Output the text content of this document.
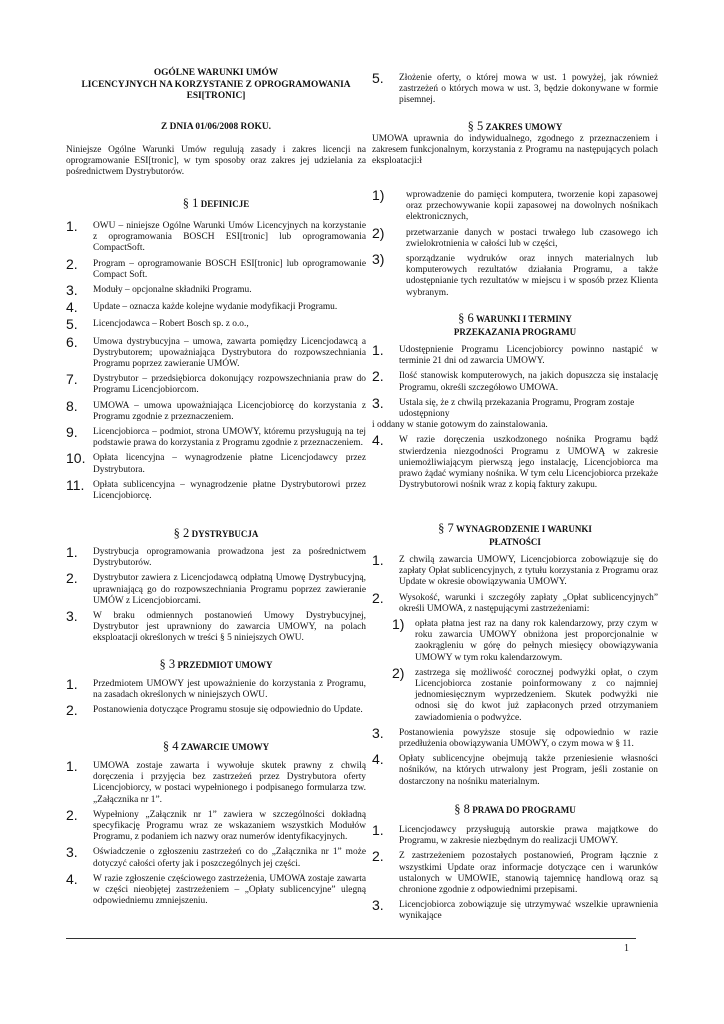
OGÓLNE WARUNKI UMÓW
LICENCYJNYCH NA KORZYSTANIE Z OPROGRAMOWANIA
ESI[TRONIC]
Z DNIA 01/06/2008 ROKU.

Niniejsze Ogólne Warunki Umów regulują zasady i zakres licencji na oprogramowanie ESI[tronic], w tym sposoby oraz zakres jej udzielania za pośrednictwem Dystrybutorów.

§ 1 DEFINICJE

1. OWU – niniejsze Ogólne Warunki Umów Licencyjnych na korzystanie z oprogramowania BOSCH ESI[tronic] lub oprogramowania CompactSoft.
2. Program – oprogramowanie BOSCH ESI[tronic] lub oprogramowanie Compact Soft.
3. Moduły – opcjonalne składniki Programu.
4. Update – oznacza każde kolejne wydanie modyfikacji Programu.
5. Licencjodawca – Robert Bosch sp. z o.o.,
6. Umowa dystrybucyjna – umowa, zawarta pomiędzy Licencjodawcą a Dystrybutorem; upoważniająca Dystrybutora do rozpowszechniania Programu poprzez zawieranie UMÓW.
7. Dystrybutor – przedsiębiorca dokonujący rozpowszechniania praw do Programu Licencjobiorcom.
8. UMOWA – umowa upoważniająca Licencjobiorcę do korzystania z Programu zgodnie z przeznaczeniem.
9. Licencjobiorca – podmiot, strona UMOWY, któremu przysługują na tej podstawie prawa do korzystania z Programu zgodnie z przeznaczeniem.
10. Opłata licencyjna – wynagrodzenie płatne Licencjodawcy przez Dystrybutora.
11. Opłata sublicencyjna – wynagrodzenie płatne Dystrybutorowi przez Licencjobiorcę.

§ 2 DYSTRYBUCJA

1. Dystrybucja oprogramowania prowadzona jest za pośrednictwem Dystrybutorów.
2. Dystrybutor zawiera z Licencjodawcą odpłatną Umowę Dystrybucyjną, uprawniającą go do rozpowszechniania Programu poprzez zawieranie UMÓW z Licencjobiorcami.
3. W braku odmiennych postanowień Umowy Dystrybucyjnej, Dystrybutor jest uprawniony do zawarcia UMOWY, na polach eksploatacji określonych w treści § 5 niniejszych OWU.

§ 3 PRZEDMIOT UMOWY

1. Przedmiotem UMOWY jest upoważnienie do korzystania z Programu, na zasadach określonych w niniejszych OWU.
2. Postanowienia dotyczące Programu stosuje się odpowiednio do Update.

§ 4 ZAWARCIE UMOWY

1. UMOWA zostaje zawarta i wywołuje skutek prawny z chwilą doręczenia i przyjęcia bez zastrzeżeń przez Dystrybutora oferty Licencjobiorcy, w postaci wypełnionego i podpisanego formularza tzw. „Załącznika nr 1”.
2. Wypełniony „Załącznik nr 1” zawiera w szczególności dokładną specyfikację Programu wraz ze wskazaniem wszystkich Modułów Programu, z podaniem ich nazwy oraz numerów identyfikacyjnych.
3. Oświadczenie o zgłoszeniu zastrzeżeń co do „Załącznika nr 1” może dotyczyć całości oferty jak i poszczególnych jej części.
4. W razie zgłoszenie częściowego zastrzeżenia, UMOWA zostaje zawarta w części nieobjętej zastrzeżeniem – „Opłaty sublicencyjne” ulegną odpowiedniemu zmniejszeniu.
5. Złożenie oferty, o której mowa w ust. 1 powyżej, jak również zastrzeżeń o których mowa w ust. 3, będzie dokonywane w formie pisemnej.

§ 5 ZAKRES UMOWY

UMOWA uprawnia do indywidualnego, zgodnego z przeznaczeniem i zakresem funkcjonalnym, korzystania z Programu na następujących polach eksploatacji:ł

1) wprowadzenie do pamięci komputera, tworzenie kopi zapasowej oraz przechowywanie kopii zapasowej na dowolnych nośnikach elektronicznych,
2) przetwarzanie danych w postaci trwałego lub czasowego ich zwielokrotnienia w całości lub w części,
3) sporządzanie wydruków oraz innych materialnych lub komputerowych rezultatów działania Programu, a także udostępnianie tych rezultatów w miejscu i w sposób przez Klienta wybranym.
§ 6 WARUNKI I TERMINY
PRZEKAZANIA PROGRAMU
1. Udostępnienie Programu Licencjobiorcy powinno nastąpić w terminie 21 dni od zawarcia UMOWY.
2. Ilość stanowisk komputerowych, na jakich dopuszcza się instalację Programu, określi szczegółowo UMOWA.
3. Ustala się, że z chwilą przekazania Programu, Program zostaje udostępniony
i oddany w stanie gotowym do zainstalowania.
4. W razie doręczenia uszkodzonego nośnika Programu bądź stwierdzenia niezgodności Programu z UMOWĄ w zakresie uniemożliwiającym pierwszą jego instalację, Licencjobiorca ma prawo żądać wymiany nośnika. W tym celu Licencjobiorca przekaże Dystrybutorowi nośnik wraz z kopią faktury zakupu.
§ 7 WYNAGRODZENIE I WARUNKI
PŁATNOŚCI
1. Z chwilą zawarcia UMOWY, Licencjobiorca zobowiązuje się do zapłaty Opłat sublicencyjnych, z tytułu korzystania z Programu oraz Update w okresie obowiązywania UMOWY.
2. Wysokość, warunki i szczegóły zapłaty „Opłat sublicencyjnych” określi UMOWA, z następującymi zastrzeżeniami:
1) opłata płatna jest raz na dany rok kalendarzowy, przy czym w roku zawarcia UMOWY obniżona jest proporcjonalnie w zaokrągleniu w górę do pełnych miesięcy obowiązywania UMOWY w tym roku kalendarzowym.
2) zastrzega się możliwość corocznej podwyżki opłat, o czym Licencjobiorca zostanie poinformowany z co najmniej jednomiesięcznym wyprzedzeniem. Skutek podwyżki nie odnosi się do kwot już zapłaconych przed otrzymaniem zawiadomienia o podwyżce.
3. Postanowienia powyższe stosuje się odpowiednio w razie przedłużenia obowiązywania UMOWY, o czym mowa w § 11.
4. Opłaty sublicencyjne obejmują także przeniesienie własności nośników, na których utrwalony jest Program, jeśli zostanie on dostarczony na nośniku materialnym.

§ 8 PRAWA DO PROGRAMU

1. Licencjodawcy przysługują autorskie prawa majątkowe do Programu, w zakresie niezbędnym do realizacji UMOWY.
2. Z zastrzeżeniem pozostałych postanowień, Program łącznie z wszystkimi Update oraz informacje dotyczące cen i warunków ustalonych w UMOWIE, stanowią tajemnicę handlową oraz są chronione zgodnie z odpowiednimi przepisami.
3. Licencjobiorca zobowiązuje się utrzymywać wszelkie uprawnienia wynikające
1
